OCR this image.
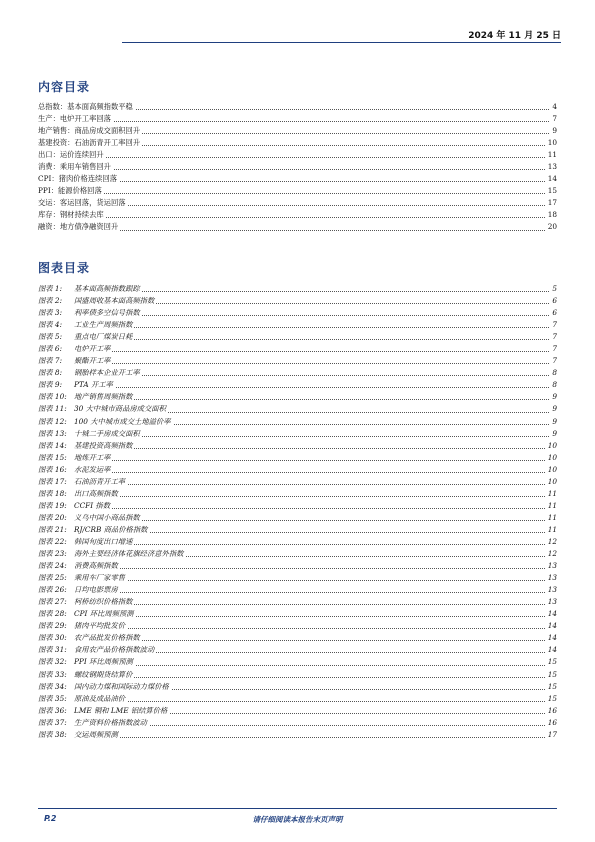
2024 年 11 月 25 日
内容目录
总指数：基本面高频指数平稳	4
生产：电炉开工率回落	7
地产销售：商品房成交面积回升	9
基建投资：石油沥青开工率回升	10
出口：运价连续回升	11
消费：乘用车销售回升	13
CPI：猪肉价格连续回落	14
PPI：能源价格回落	15
交运：客运回落，货运回落	17
库存：钢材持续去库	18
融资：地方债净融资回升	20
图表目录
图表 1: 基本面高频指数跟踪	5
图表 2: 国盛周收基本面高频指数	6
图表 3: 利率债多空信号指数	6
图表 4: 工业生产周频指数	7
图表 5: 重点电厂煤炭日耗	7
图表 6: 电炉开工率	7
图表 7: 聚酯开工率	7
图表 8: 钢胎样本企业开工率	8
图表 9: PTA 开工率	8
图表 10: 地产销售周频指数	9
图表 11: 30 大中城市商品房成交面积	9
图表 12: 100 大中城市成交土地溢价率	9
图表 13: 十城二手房成交面积	9
图表 14: 基建投资高频指数	10
图表 15: 地炼开工率	10
图表 16: 水泥发运率	10
图表 17: 石油沥青开工率	10
图表 18: 出口高频指数	11
图表 19: CCFI 指数	11
图表 20: 义乌中国小商品指数	11
图表 21: RJ/CRB 商品价格指数	11
图表 22: 韩国旬度出口增速	12
图表 23: 海外主要经济体花旗经济意外指数	12
图表 24: 消费高频指数	13
图表 25: 乘用车厂家零售	13
图表 26: 日均电影票房	13
图表 27: 柯桥纺织价格指数	13
图表 28: CPI 环比周频预测	14
图表 29: 猪肉平均批发价	14
图表 30: 农产品批发价格指数	14
图表 31: 食用农产品价格指数波动	14
图表 32: PPI 环比周频预测	15
图表 33: 螺纹钢期货结算价	15
图表 34: 国内动力煤和国际动力煤价格	15
图表 35: 原油及成品油价	15
图表 36: LME 铜和 LME 铝结算价格	16
图表 37: 生产资料价格指数波动	16
图表 38: 交运周频预测	17
P.2	请仔细阅读本报告末页声明
